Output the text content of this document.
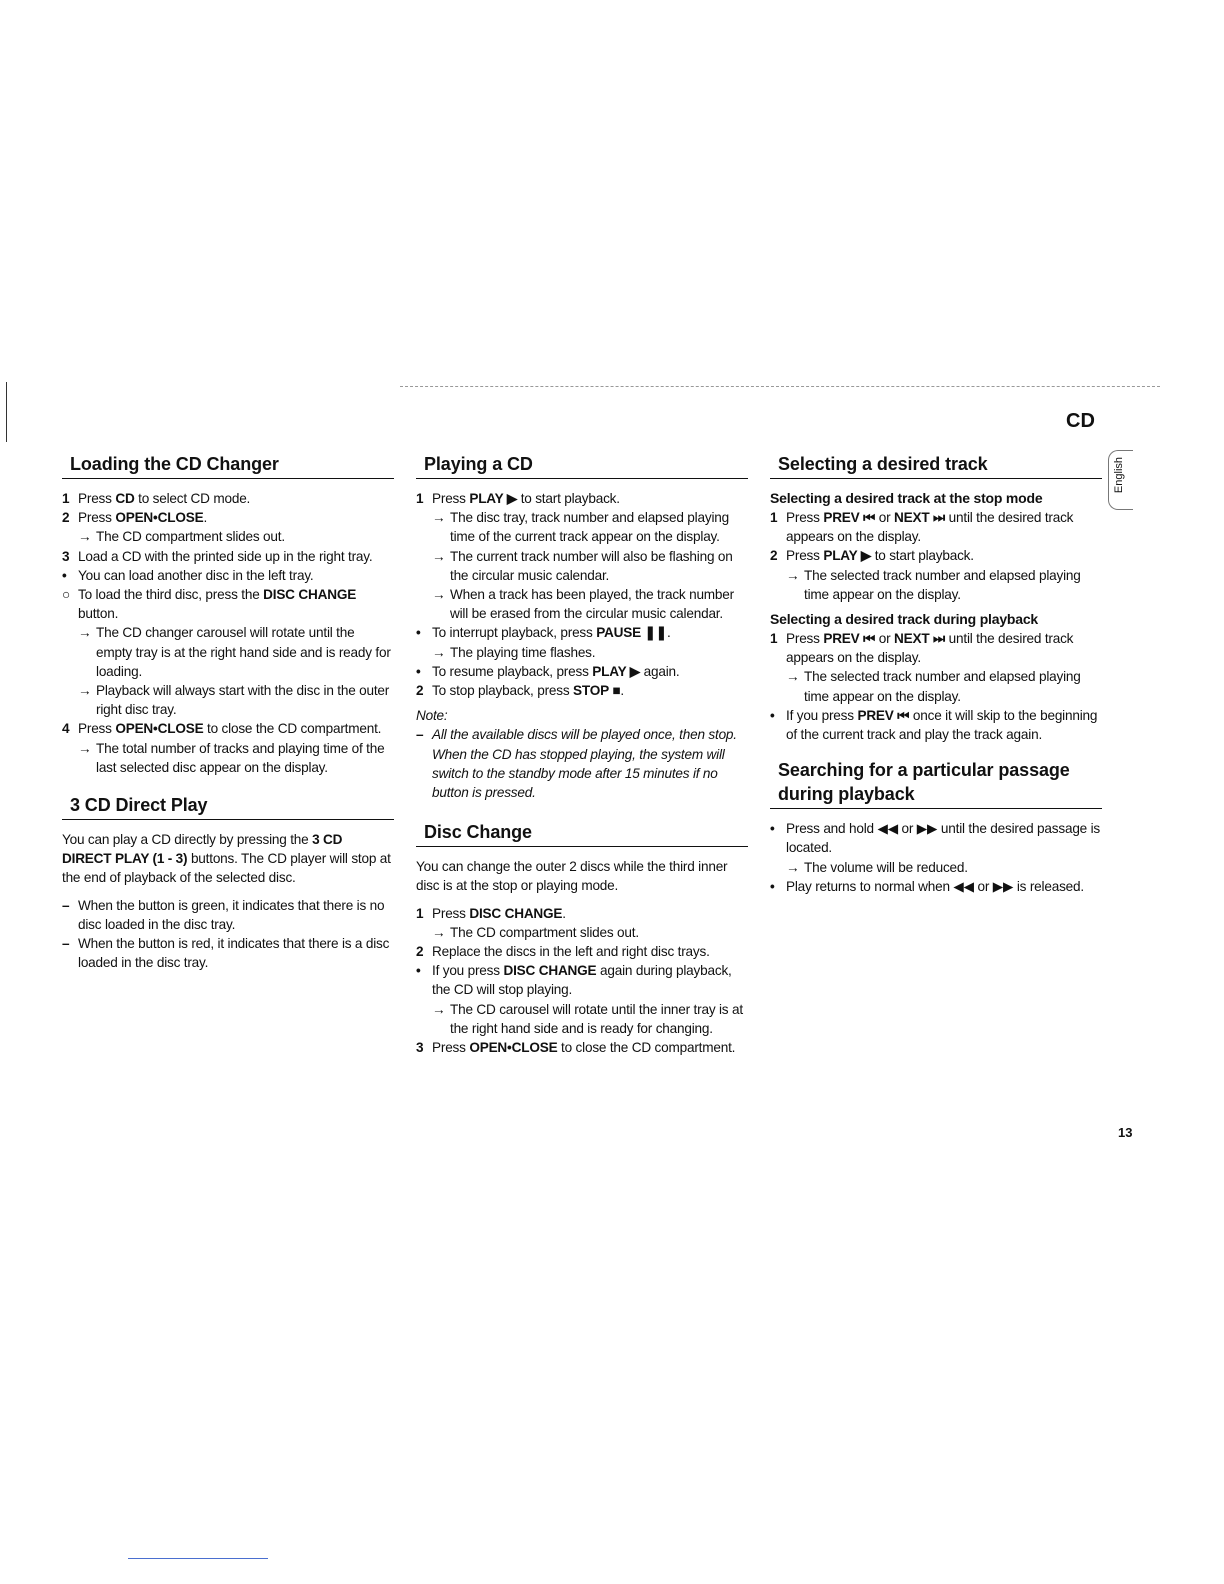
CD
English
Loading the CD Changer
1 Press CD to select CD mode.
2 Press OPEN•CLOSE.
→ The CD compartment slides out.
3 Load a CD with the printed side up in the right tray.
• You can load another disc in the left tray.
○ To load the third disc, press the DISC CHANGE button.
→ The CD changer carousel will rotate until the empty tray is at the right hand side and is ready for loading.
→ Playback will always start with the disc in the outer right disc tray.
4 Press OPEN•CLOSE to close the CD compartment.
→ The total number of tracks and playing time of the last selected disc appear on the display.
3 CD Direct Play

You can play a CD directly by pressing the 3 CD DIRECT PLAY (1 - 3) buttons. The CD player will stop at the end of playback of the selected disc.

– When the button is green, it indicates that there is no disc loaded in the disc tray.
– When the button is red, it indicates that there is a disc loaded in the disc tray.
Playing a CD
1 Press PLAY ▶ to start playback.
→ The disc tray, track number and elapsed playing time of the current track appear on the display.
→ The current track number will also be flashing on the circular music calendar.
→ When a track has been played, the track number will be erased from the circular music calendar.
• To interrupt playback, press PAUSE ❚❚.
→ The playing time flashes.
• To resume playback, press PLAY ▶ again.
2 To stop playback, press STOP ■.
Note:
– All the available discs will be played once, then stop. When the CD has stopped playing, the system will switch to the standby mode after 15 minutes if no button is pressed.
Disc Change

You can change the outer 2 discs while the third inner disc is at the stop or playing mode.

1 Press DISC CHANGE.
→ The CD compartment slides out.
2 Replace the discs in the left and right disc trays.
• If you press DISC CHANGE again during playback, the CD will stop playing.
→ The CD carousel will rotate until the inner tray is at the right hand side and is ready for changing.
3 Press OPEN•CLOSE to close the CD compartment.
Selecting a desired track
Selecting a desired track at the stop mode
1 Press PREV ⏮ or NEXT ⏭ until the desired track appears on the display.
2 Press PLAY ▶ to start playback.
→ The selected track number and elapsed playing time appear on the display.
Selecting a desired track during playback
1 Press PREV ⏮ or NEXT ⏭ until the desired track appears on the display.
→ The selected track number and elapsed playing time appear on the display.
• If you press PREV ⏮ once it will skip to the beginning of the current track and play the track again.
Searching for a particular passage during playback
• Press and hold ◀◀ or ▶▶ until the desired passage is located.
→ The volume will be reduced.
• Play returns to normal when ◀◀ or ▶▶ is released.
13
